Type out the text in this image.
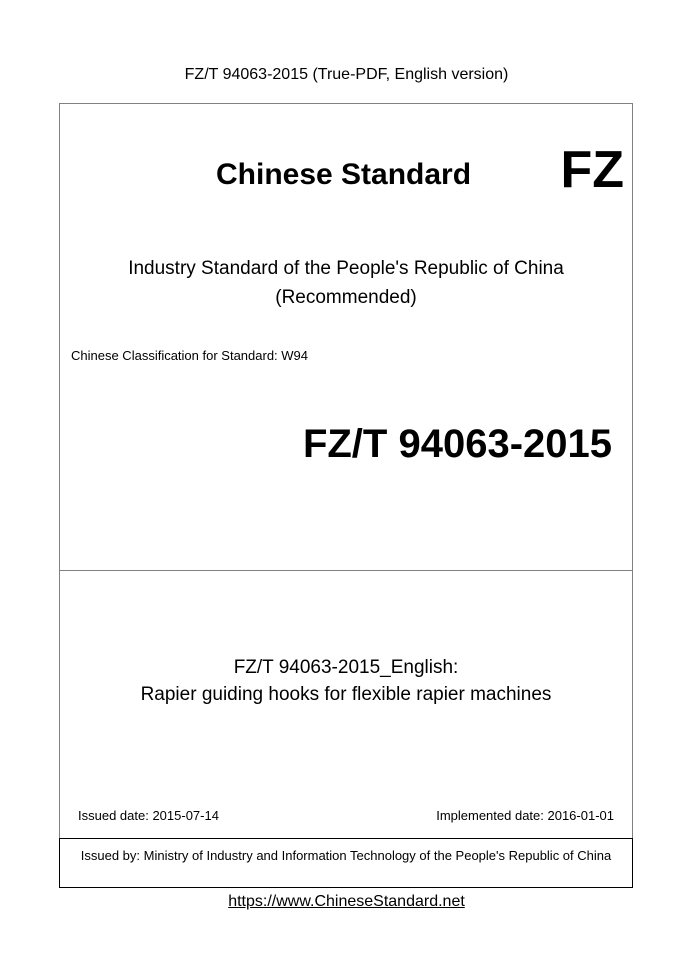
FZ/T 94063-2015 (True-PDF, English version)
Chinese Standard FZ
Industry Standard of the People's Republic of China
(Recommended)
Chinese Classification for Standard: W94
FZ/T 94063-2015
FZ/T 94063-2015_English:
Rapier guiding hooks for flexible rapier machines
Issued date: 2015-07-14	Implemented date: 2016-01-01
Issued by: Ministry of Industry and Information Technology of the People's Republic of China
https://www.ChineseStandard.net
